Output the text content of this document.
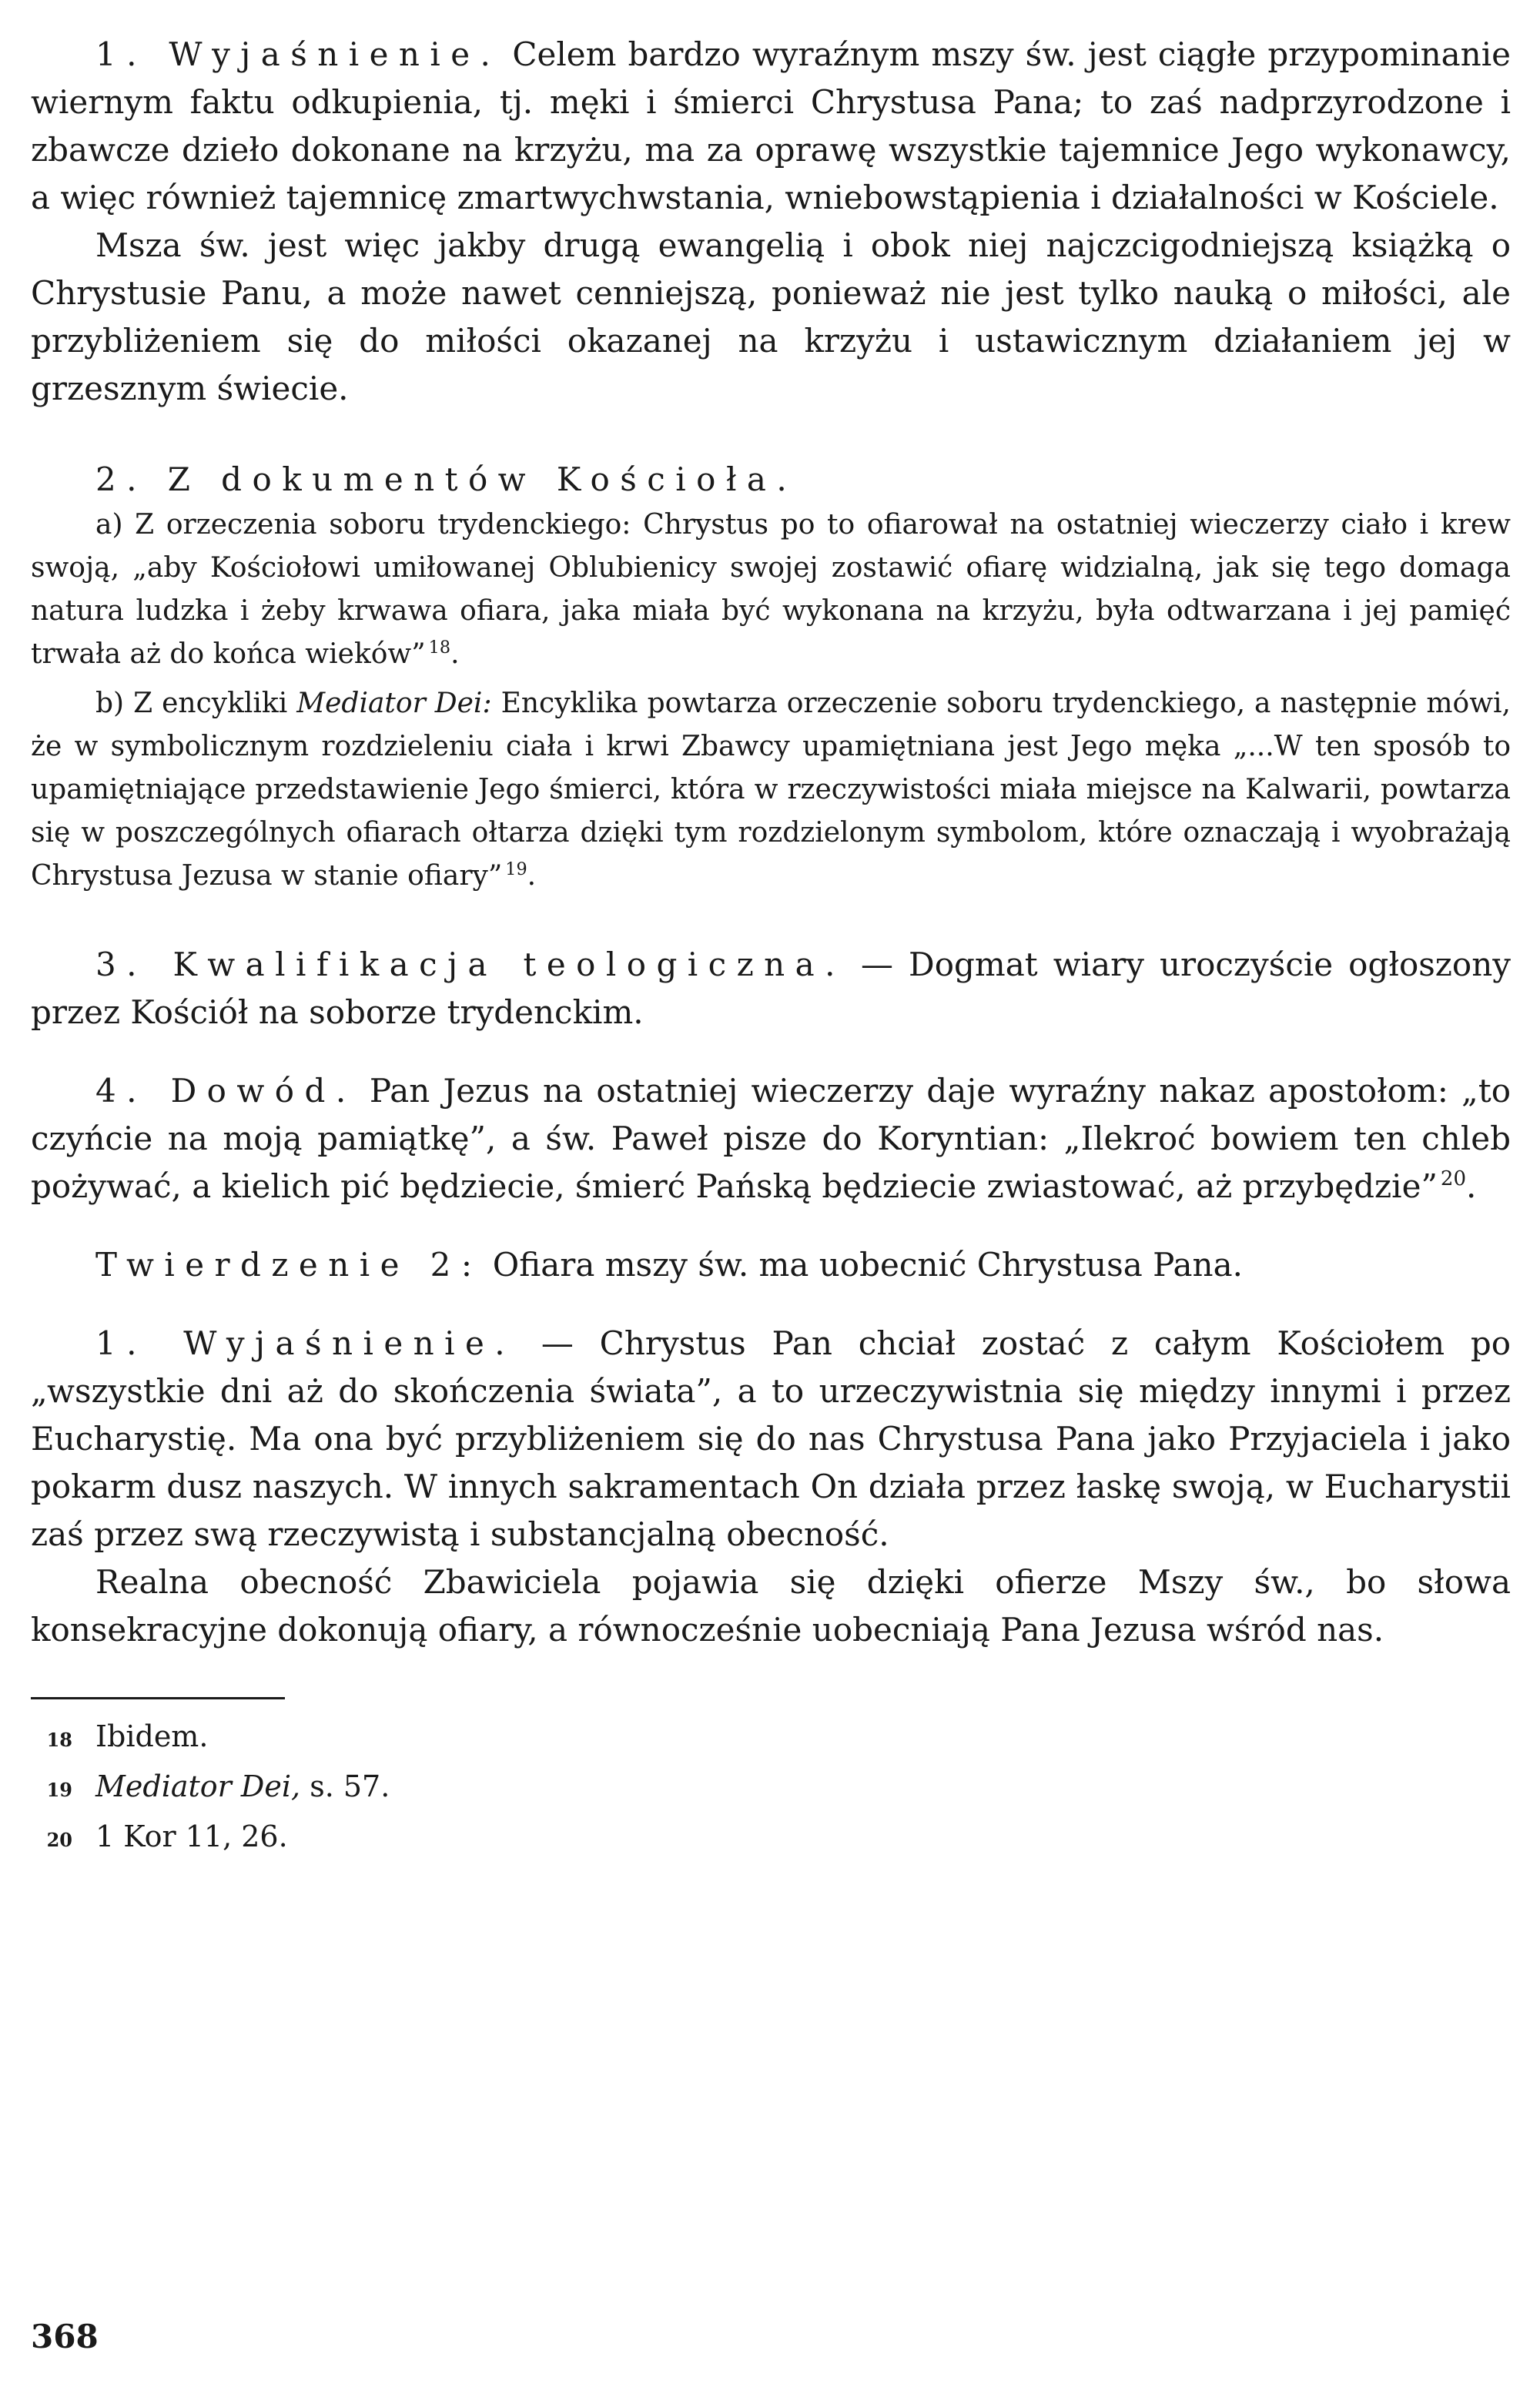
1. Wyjaśnienie. Celem bardzo wyraźnym mszy św. jest ciągłe przypominanie wiernym faktu odkupienia, tj. męki i śmierci Chrystusa Pana; to zaś nadprzyrodzone i zbawcze dzieło dokonane na krzyżu, ma za oprawę wszystkie tajemnice Jego wykonawcy, a więc również tajemnicę zmartwychwstania, wniebowstąpienia i działalności w Kościele.

Msza św. jest więc jakby drugą ewangelią i obok niej najczcigodniejszą książką o Chrystusie Panu, a może nawet cenniejszą, ponieważ nie jest tylko nauką o miłości, ale przybliżeniem się do miłości okazanej na krzyżu i ustawicznym działaniem jej w grzesznym świecie.

2. Z dokumentów Kościoła.

a) Z orzeczenia soboru trydenckiego: Chrystus po to ofiarował na ostatniej wieczerzy ciało i krew swoją, „aby Kościołowi umiłowanej Oblubienicy swojej zostawić ofiarę widzialną, jak się tego domaga natura ludzka i żeby krwawa ofiara, jaka miała być wykonana na krzyżu, była odtwarzana i jej pamięć trwała aż do końca wieków” $^{18}$.

b) Z encykliki Mediator Dei: Encyklika powtarza orzeczenie soboru trydenckiego, a następnie mówi, że w symbolicznym rozdzieleniu ciała i krwi Zbawcy upamiętniana jest Jego męka „...W ten sposób to upamiętniające przedstawienie Jego śmierci, która w rzeczywistości miała miejsce na Kalwarii, powtarza się w poszczególnych ofiarach ołtarza dzięki tym rozdzielonym symbolom, które oznaczają i wyobrażają Chrystusa Jezusa w stanie ofiary” $^{19}$.

3. Kwalifikacja teologiczna. — Dogmat wiary uroczyście ogłoszony przez Kościół na soborze trydenckim.

4. Dowód. Pan Jezus na ostatniej wieczerzy daje wyraźny nakaz apostołom: „to czyńcie na moją pamiątkę”, a św. Paweł pisze do Koryntian: „Ilekroć bowiem ten chleb pożywać, a kielich pić będziecie, śmierć Pańską będziecie zwiastować, aż przybędzie” $^{20}$.

Twierdzenie 2: Ofiara mszy św. ma uobecnić Chrystusa Pana.

1. Wyjaśnienie. — Chrystus Pan chciał zostać z całym Kościołem po „wszystkie dni aż do skończenia świata”, a to urzeczywistnia się między innymi i przez Eucharystię. Ma ona być przybliżeniem się do nas Chrystusa Pana jako Przyjaciela i jako pokarm dusz naszych. W innych sakramentach On działa przez łaskę swoją, w Eucharystii zaś przez swą rzeczywistą i substancjalną obecność.

Realna obecność Zbawiciela pojawia się dzięki ofierze Mszy św., bo słowa konsekracyjne dokonują ofiary, a równocześnie uobecniają Pana Jezusa wśród nas.

18 Ibidem.
19 Mediator Dei, s. 57.
20 1 Kor 11, 26.
368
